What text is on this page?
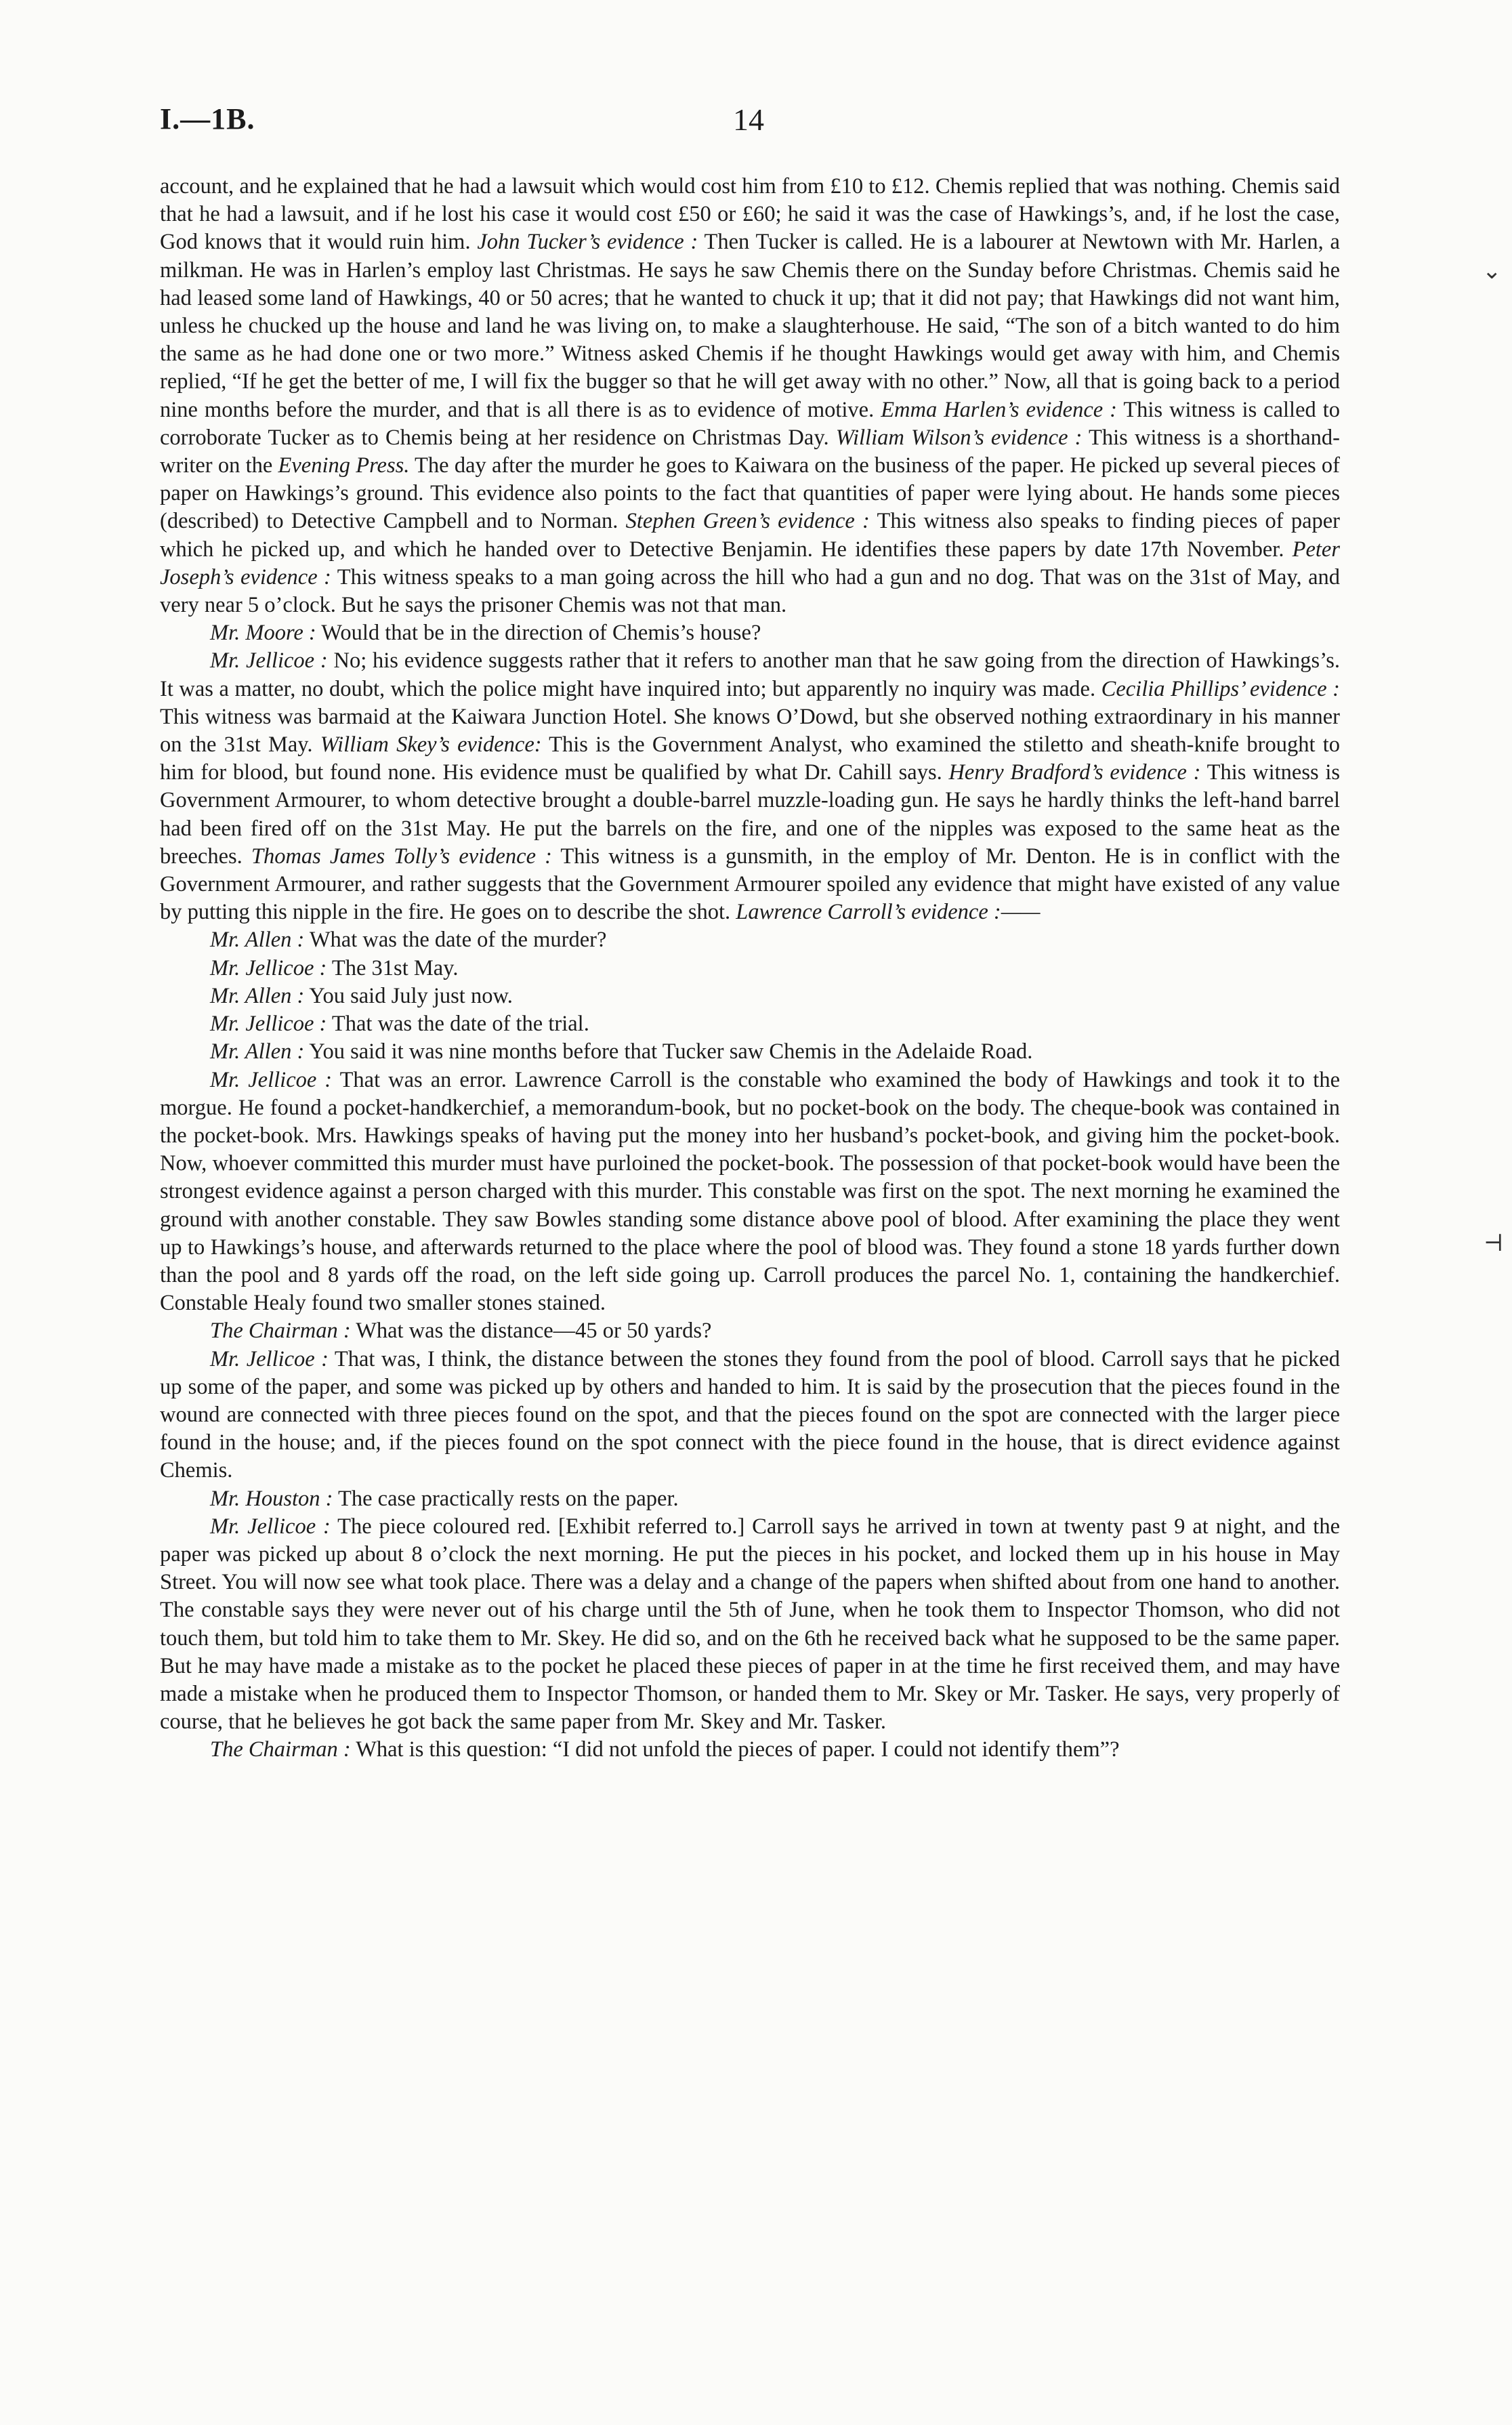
I.—1B.	14

account, and he explained that he had a lawsuit which would cost him from £10 to £12. Chemis replied that was nothing. Chemis said that he had a lawsuit, and if he lost his case it would cost £50 or £60; he said it was the case of Hawkings’s, and, if he lost the case, God knows that it would ruin him. John Tucker’s evidence : Then Tucker is called. He is a labourer at Newtown with Mr. Harlen, a milkman. He was in Harlen’s employ last Christmas. He says he saw Chemis there on the Sunday before Christmas. Chemis said he had leased some land of Hawkings, 40 or 50 acres; that he wanted to chuck it up; that it did not pay; that Hawkings did not want him, unless he chucked up the house and land he was living on, to make a slaughterhouse. He said, “The son of a bitch wanted to do him the same as he had done one or two more.” Witness asked Chemis if he thought Hawkings would get away with him, and Chemis replied, “If he get the better of me, I will fix the bugger so that he will get away with no other.” Now, all that is going back to a period nine months before the murder, and that is all there is as to evidence of motive. Emma Harlen’s evidence : This witness is called to corroborate Tucker as to Chemis being at her residence on Christmas Day. William Wilson’s evidence : This witness is a shorthand-writer on the Evening Press. The day after the murder he goes to Kaiwara on the business of the paper. He picked up several pieces of paper on Hawkings’s ground. This evidence also points to the fact that quantities of paper were lying about. He hands some pieces (described) to Detective Campbell and to Norman. Stephen Green’s evidence : This witness also speaks to finding pieces of paper which he picked up, and which he handed over to Detective Benjamin. He identifies these papers by date 17th November. Peter Joseph’s evidence : This witness speaks to a man going across the hill who had a gun and no dog. That was on the 31st of May, and very near 5 o’clock. But he says the prisoner Chemis was not that man.

Mr. Moore : Would that be in the direction of Chemis’s house?

Mr. Jellicoe : No; his evidence suggests rather that it refers to another man that he saw going from the direction of Hawkings’s. It was a matter, no doubt, which the police might have inquired into; but apparently no inquiry was made. Cecilia Phillips’ evidence : This witness was barmaid at the Kaiwara Junction Hotel. She knows O’Dowd, but she observed nothing extraordinary in his manner on the 31st May. William Skey’s evidence: This is the Government Analyst, who examined the stiletto and sheath-knife brought to him for blood, but found none. His evidence must be qualified by what Dr. Cahill says. Henry Bradford’s evidence : This witness is Government Armourer, to whom detective brought a double-barrel muzzle-loading gun. He says he hardly thinks the left-hand barrel had been fired off on the 31st May. He put the barrels on the fire, and one of the nipples was exposed to the same heat as the breeches. Thomas James Tolly’s evidence : This witness is a gunsmith, in the employ of Mr. Denton. He is in conflict with the Government Armourer, and rather suggests that the Government Armourer spoiled any evidence that might have existed of any value by putting this nipple in the fire. He goes on to describe the shot. Lawrence Carroll’s evidence :——

Mr. Allen : What was the date of the murder?

Mr. Jellicoe : The 31st May.

Mr. Allen : You said July just now.

Mr. Jellicoe : That was the date of the trial.

Mr. Allen : You said it was nine months before that Tucker saw Chemis in the Adelaide Road.

Mr. Jellicoe : That was an error. Lawrence Carroll is the constable who examined the body of Hawkings and took it to the morgue. He found a pocket-handkerchief, a memorandum-book, but no pocket-book on the body. The cheque-book was contained in the pocket-book. Mrs. Hawkings speaks of having put the money into her husband’s pocket-book, and giving him the pocket-book. Now, whoever committed this murder must have purloined the pocket-book. The possession of that pocket-book would have been the strongest evidence against a person charged with this murder. This constable was first on the spot. The next morning he examined the ground with another constable. They saw Bowles standing some distance above pool of blood. After examining the place they went up to Hawkings’s house, and afterwards returned to the place where the pool of blood was. They found a stone 18 yards further down than the pool and 8 yards off the road, on the left side going up. Carroll produces the parcel No. 1, containing the handkerchief. Constable Healy found two smaller stones stained.

The Chairman : What was the distance—45 or 50 yards?

Mr. Jellicoe : That was, I think, the distance between the stones they found from the pool of blood. Carroll says that he picked up some of the paper, and some was picked up by others and handed to him. It is said by the prosecution that the pieces found in the wound are connected with three pieces found on the spot, and that the pieces found on the spot are connected with the larger piece found in the house; and, if the pieces found on the spot connect with the piece found in the house, that is direct evidence against Chemis.

Mr. Houston : The case practically rests on the paper.

Mr. Jellicoe : The piece coloured red. [Exhibit referred to.] Carroll says he arrived in town at twenty past 9 at night, and the paper was picked up about 8 o’clock the next morning. He put the pieces in his pocket, and locked them up in his house in May Street. You will now see what took place. There was a delay and a change of the papers when shifted about from one hand to another. The constable says they were never out of his charge until the 5th of June, when he took them to Inspector Thomson, who did not touch them, but told him to take them to Mr. Skey. He did so, and on the 6th he received back what he supposed to be the same paper. But he may have made a mistake as to the pocket he placed these pieces of paper in at the time he first received them, and may have made a mistake when he produced them to Inspector Thomson, or handed them to Mr. Skey or Mr. Tasker. He says, very properly of course, that he believes he got back the same paper from Mr. Skey and Mr. Tasker.

The Chairman : What is this question: “I did not unfold the pieces of paper. I could not identify them”?

⌄
⊣
